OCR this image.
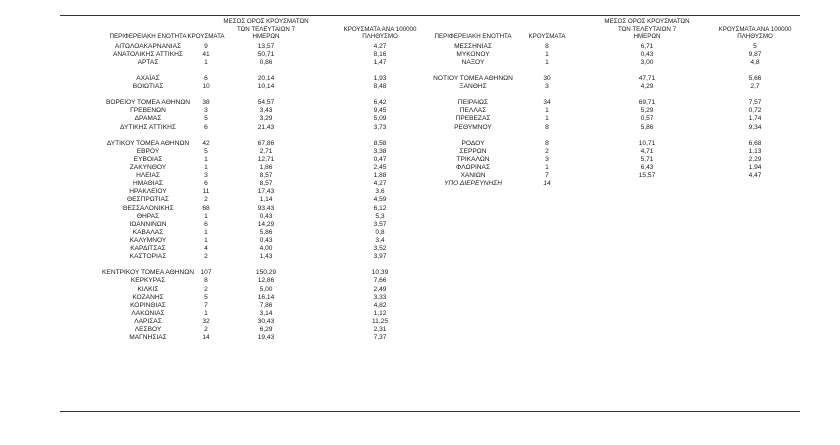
ΜΕΣΟΣ ΟΡΟΣ ΚΡΟΥΣΜΑΤΩΝ
ΤΩΝ ΤΕΛΕΥΤΑΙΩΝ 7
ΗΜΕΡΩΝ
ΚΡΟΥΣΜΑΤΑ ΑΝΑ 100000
ΠΛΗΘΥΣΜΟ
ΚΡΟΥΣΜΑΤΑ
ΠΕΡΙΦΕΡΕΙΑΚΗ ΕΝΟΤΗΤΑ
ΑΙΤΩΛΟΑΚΑΡΝΑΝΙΑΣ	9	13,57	4,27
ΑΝΑΤΟΛΙΚΗΣ ΑΤΤΙΚΗΣ	41	50,71	8,16
ΑΡΤΑΣ	1	0,86	1,47
ΑΧΑΪΑΣ	6	20,14	1,93
ΒΟΙΩΤΙΑΣ	10	10,14	8,48
ΒΟΡΕΙΟΥ ΤΟΜΕΑ ΑΘΗΝΩΝ 38	54,57	6,42
ΓΡΕΒΕΝΩΝ	3	3,43	9,45
ΔΡΑΜΑΣ	5	3,29	5,09
ΔΥΤΙΚΗΣ ΑΤΤΙΚΗΣ	6	21,43	3,73
ΔΥΤΙΚΟΥ ΤΟΜΕΑ ΑΘΗΝΩΝ 42	67,86	8,58
ΕΒΡΟΥ	5	2,71	3,38
ΕΥΒΟΙΑΣ	1	12,71	0,47
ΖΑΚΥΝΘΟΥ	1	1,86	2,45
ΗΛΕΙΑΣ	3	8,57	1,88
ΗΜΑΘΙΑΣ	6	8,57	4,27
ΗΡΑΚΛΕΙΟΥ	11	17,43	3,6
ΘΕΣΠΡΩΤΙΑΣ	2	1,14	4,59
ΘΕΣΣΑΛΟΝΙΚΗΣ	68	93,43	6,12
ΘΗΡΑΣ	1	0,43	5,3
ΙΩΑΝΝΙΝΩΝ	6	14,29	3,57
ΚΑΒΑΛΑΣ	1	5,86	0,8
ΚΑΛΥΜΝΟΥ	1	0,43	3,4
ΚΑΡΔΙΤΣΑΣ	4	4,00	3,52
ΚΑΣΤΟΡΙΑΣ	2	1,43	3,97
ΚΕΝΤΡΙΚΟΥ ΤΟΜΕΑ ΑΘΗΝΩΝ 107	150,29	10,39
ΚΕΡΚΥΡΑΣ	8	12,86	7,66
ΚΙΛΚΙΣ	2	5,00	2,49
ΚΟΖΑΝΗΣ	5	16,14	3,33
ΚΟΡΙΝΘΙΑΣ	7	7,86	4,82
ΛΑΚΩΝΙΑΣ	1	3,14	1,12
ΛΑΡΙΣΑΣ	32	30,43	11,25
ΛΕΣΒΟΥ	2	6,29	2,31
ΜΑΓΝΗΣΙΑΣ	14	19,43	7,37
ΜΕΣΟΣ ΟΡΟΣ ΚΡΟΥΣΜΑΤΩΝ
ΤΩΝ ΤΕΛΕΥΤΑΙΩΝ 7
ΗΜΕΡΩΝ
ΚΡΟΥΣΜΑΤΑ ΑΝΑ 100000
ΠΛΗΘΥΣΜΟ
ΚΡΟΥΣΜΑΤΑ
ΠΕΡΙΦΕΡΕΙΑΚΗ ΕΝΟΤΗΤΑ
ΜΕΣΣΗΝΙΑΣ	8	6,71	5
ΜΥΚΟΝΟΥ	1	0,43	9,87
ΝΑΞΟΥ	1	3,00	4,8
ΝΟΤΙΟΥ ΤΟΜΕΑ ΑΘΗΝΩΝ	30	47,71	5,66
ΞΑΝΘΗΣ	3	4,29	2,7
ΠΕΙΡΑΙΩΣ	34	69,71	7,57
ΠΕΛΛΑΣ	1	5,29	0,72
ΠΡΕΒΕΖΑΣ	1	0,57	1,74
ΡΕΘΥΜΝΟΥ	8	5,86	9,34
ΡΟΔΟΥ	8	10,71	6,68
ΣΕΡΡΩΝ	2	4,71	1,13
ΤΡΙΚΑΛΩΝ	3	5,71	2,29
ΦΛΩΡΙΝΑΣ	1	6,43	1,94
ΧΑΝΙΩΝ	7	15,57	4,47
ΥΠΟ ΔΙΕΡΕΥΝΗΣΗ	14
